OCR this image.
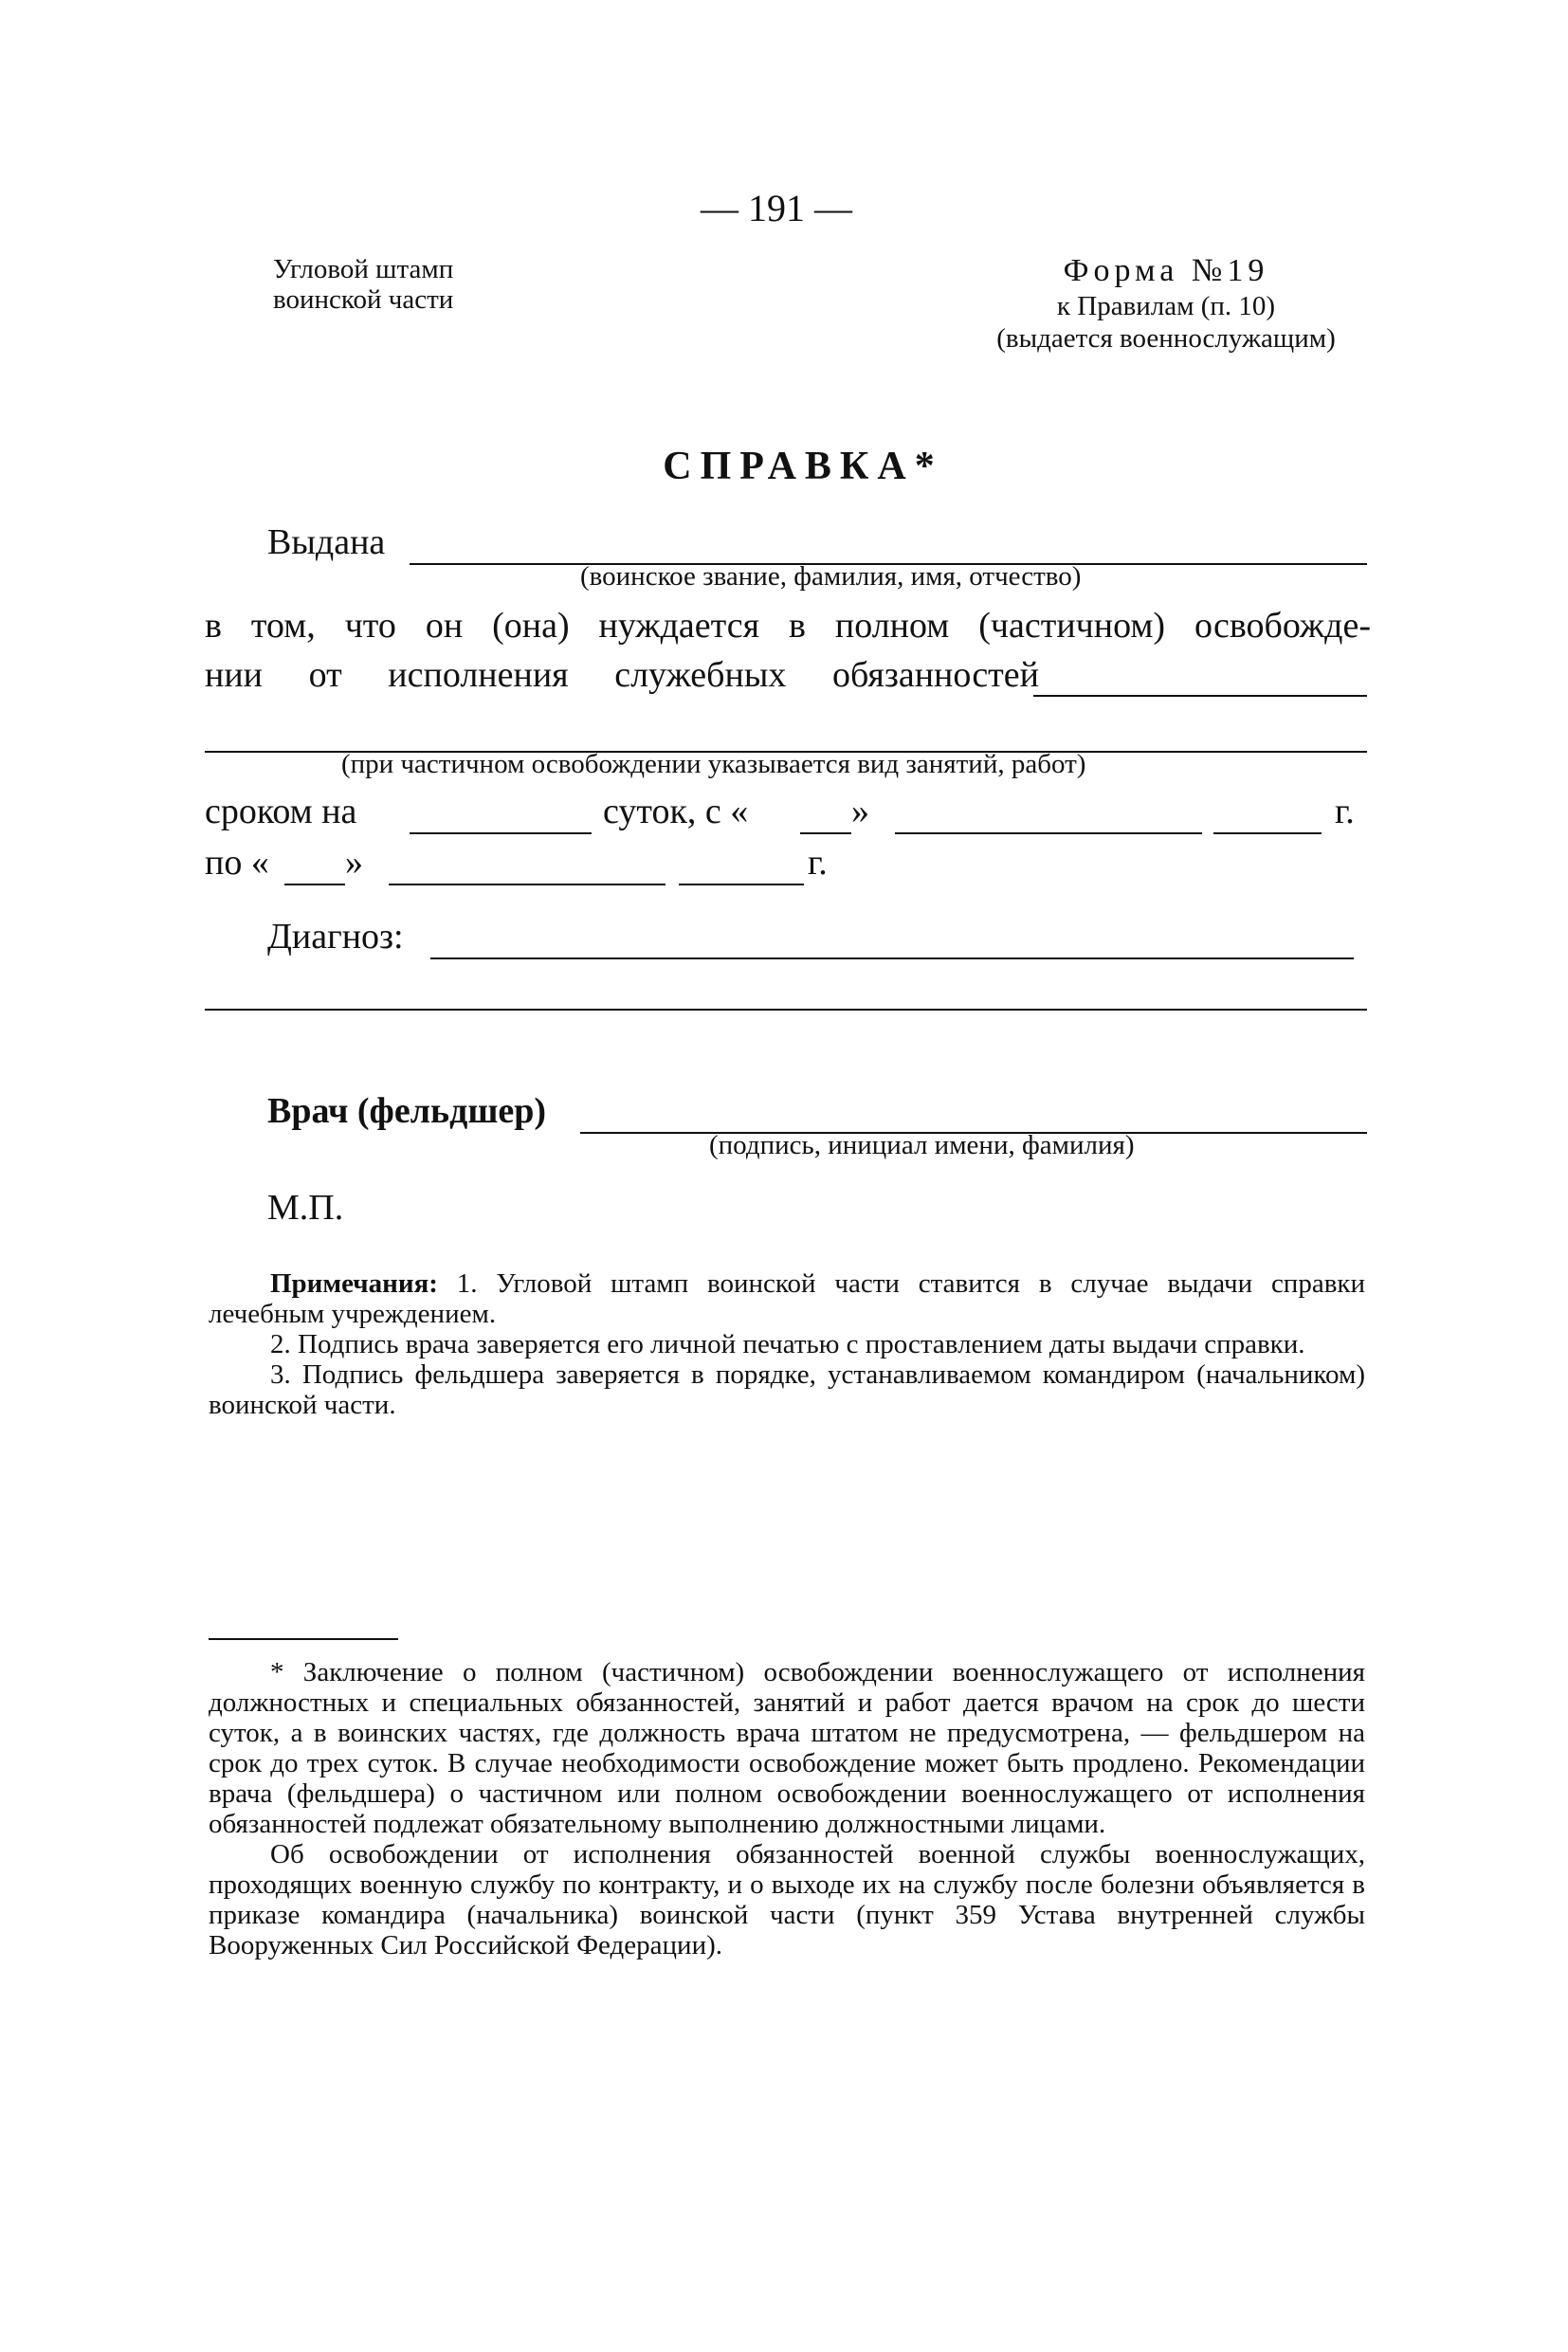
— 191 —
Угловой штамп
воинской части
Форма №19
к Правилам (п. 10)
(выдается военнослужащим)
СПРАВКА*
Выдана
(воинское звание, фамилия, имя, отчество)
в том, что он (она) нуждается в полном (частичном) освобожде-
нии от исполнения служебных обязанностей
(при частичном освобождении указывается вид занятий, работ)
сроком на	суток, с «	»	г.
по « »	г.
Диагноз:
Врач (фельдшер)
(подпись, инициал имени, фамилия)
М.П.

Примечания: 1. Угловой штамп воинской части ставится в случае выдачи справки лечебным учреждением.

2. Подпись врача заверяется его личной печатью с проставлением даты выдачи справки.

3. Подпись фельдшера заверяется в порядке, устанавливаемом командиром (начальником) воинской части.

* Заключение о полном (частичном) освобождении военнослужащего от исполнения должностных и специальных обязанностей, занятий и работ дается врачом на срок до шести суток, а в воинских частях, где должность врача штатом не предусмотрена, — фельдшером на срок до трех суток. В случае необходимости освобождение может быть продлено. Рекомендации врача (фельдшера) о частичном или полном освобождении военнослужащего от исполнения обязанностей подлежат обязательному выполнению должностными лицами.

Об освобождении от исполнения обязанностей военной службы военнослужащих, проходящих военную службу по контракту, и о выходе их на службу после болезни объявляется в приказе командира (начальника) воинской части (пункт 359 Устава внутренней службы Вооруженных Сил Российской Федерации).
